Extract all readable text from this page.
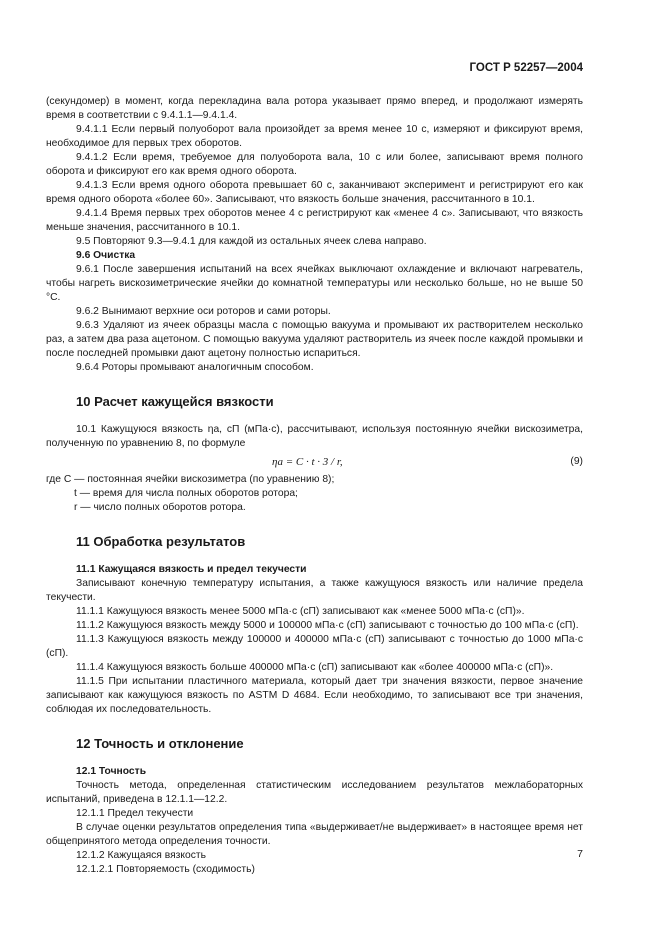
ГОСТ Р 52257—2004

(секундомер) в момент, когда перекладина вала ротора указывает прямо вперед, и продолжают измерять время в соответствии с 9.4.1.1—9.4.1.4.

9.4.1.1 Если первый полуоборот вала произойдет за время менее 10 с, измеряют и фиксируют время, необходимое для первых трех оборотов.

9.4.1.2 Если время, требуемое для полуоборота вала, 10 с или более, записывают время полного оборота и фиксируют его как время одного оборота.

9.4.1.3 Если время одного оборота превышает 60 с, заканчивают эксперимент и регистрируют его как время одного оборота «более 60». Записывают, что вязкость больше значения, рассчитанного в 10.1.

9.4.1.4 Время первых трех оборотов менее 4 с регистрируют как «менее 4 с». Записывают, что вязкость меньше значения, рассчитанного в 10.1.

9.5 Повторяют 9.3—9.4.1 для каждой из остальных ячеек слева направо.

9.6 Очистка

9.6.1 После завершения испытаний на всех ячейках выключают охлаждение и включают нагреватель, чтобы нагреть вискозиметрические ячейки до комнатной температуры или несколько больше, но не выше 50 °С.

9.6.2 Вынимают верхние оси роторов и сами роторы.

9.6.3 Удаляют из ячеек образцы масла с помощью вакуума и промывают их растворителем несколько раз, а затем два раза ацетоном. С помощью вакуума удаляют растворитель из ячеек после каждой промывки и после последней промывки дают ацетону полностью испариться.

9.6.4 Роторы промывают аналогичным способом.

10 Расчет кажущейся вязкости

10.1 Кажущуюся вязкость ηa, сП (мПа·с), рассчитывают, используя постоянную ячейки вискозиметра, полученную по уравнению 8, по формуле

ηa = C · t · 3 / r,	(9)

где C — постоянная ячейки вискозиметра (по уравнению 8);

t — время для числа полных оборотов ротора;

r — число полных оборотов ротора.

11 Обработка результатов

11.1 Кажущаяся вязкость и предел текучести

Записывают конечную температуру испытания, а также кажущуюся вязкость или наличие предела текучести.

11.1.1 Кажущуюся вязкость менее 5000 мПа·с (сП) записывают как «менее 5000 мПа·с (сП)».

11.1.2 Кажущуюся вязкость между 5000 и 100000 мПа·с (сП) записывают с точностью до 100 мПа·с (сП).

11.1.3 Кажущуюся вязкость между 100000 и 400000 мПа·с (сП) записывают с точностью до 1000 мПа·с (сП).

11.1.4 Кажущуюся вязкость больше 400000 мПа·с (сП) записывают как «более 400000 мПа·с (сП)».

11.1.5 При испытании пластичного материала, который дает три значения вязкости, первое значение записывают как кажущуюся вязкость по ASTM D 4684. Если необходимо, то записывают все три значения, соблюдая их последовательность.

12 Точность и отклонение

12.1 Точность

Точность метода, определенная статистическим исследованием результатов межлабораторных испытаний, приведена в 12.1.1—12.2.

12.1.1 Предел текучести

В случае оценки результатов определения типа «выдерживает/не выдерживает» в настоящее время нет общепринятого метода определения точности.

12.1.2 Кажущаяся вязкость

12.1.2.1 Повторяемость (сходимость)

7
